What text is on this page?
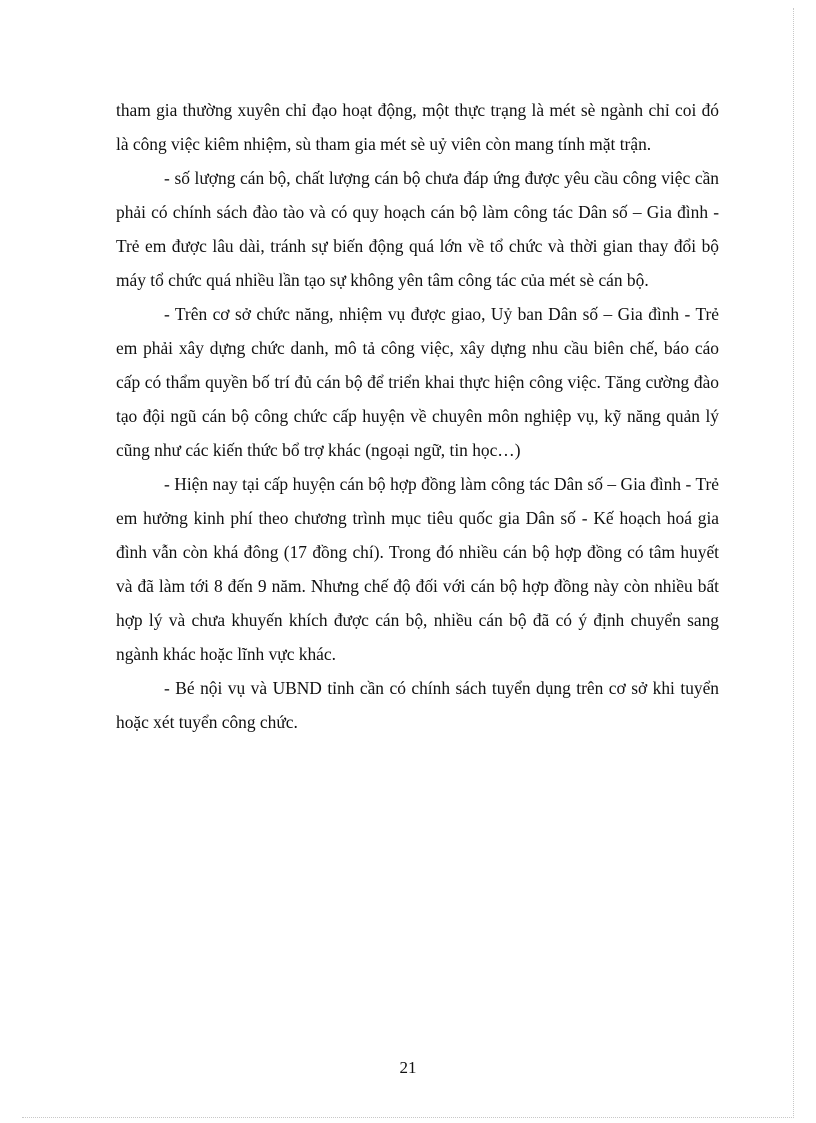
tham gia thường xuyên chỉ đạo hoạt động, một thực trạng là mét sè ngành chỉ coi đó là công việc kiêm nhiệm, sù tham gia mét sè uỷ viên còn mang tính mặt trận.

- số lượng cán bộ, chất lượng cán bộ chưa đáp ứng được yêu cầu công việc cần phải có chính sách đào tào và có quy hoạch cán bộ làm công tác Dân số – Gia đình - Trẻ em được lâu dài, tránh sự biến động quá lớn về tổ chức và thời gian thay đổi bộ máy tổ chức quá nhiều lần tạo sự không yên tâm công tác của mét sè cán bộ.

- Trên cơ sở chức năng, nhiệm vụ được giao, Uỷ ban Dân số – Gia đình - Trẻ em phải xây dựng chức danh, mô tả công việc, xây dựng nhu cầu biên chế, báo cáo cấp có thẩm quyền bố trí đủ cán bộ để triển khai thực hiện công việc. Tăng cường đào tạo đội ngũ cán bộ công chức cấp huyện về chuyên môn nghiệp vụ, kỹ năng quản lý cũng như các kiến thức bổ trợ khác (ngoại ngữ, tin học…)

- Hiện nay tại cấp huyện cán bộ hợp đồng làm công tác Dân số – Gia đình - Trẻ em hưởng kinh phí theo chương trình mục tiêu quốc gia Dân số - Kế hoạch hoá gia đình vẫn còn khá đông (17 đồng chí). Trong đó nhiều cán bộ hợp đồng có tâm huyết và đã làm tới 8 đến 9 năm. Nhưng chế độ đối với cán bộ hợp đồng này còn nhiều bất hợp lý và chưa khuyến khích được cán bộ, nhiều cán bộ đã có ý định chuyển sang ngành khác hoặc lĩnh vực khác.

- Bé nội vụ và UBND tỉnh cần có chính sách tuyển dụng trên cơ sở khi tuyển hoặc xét tuyển công chức.

21
